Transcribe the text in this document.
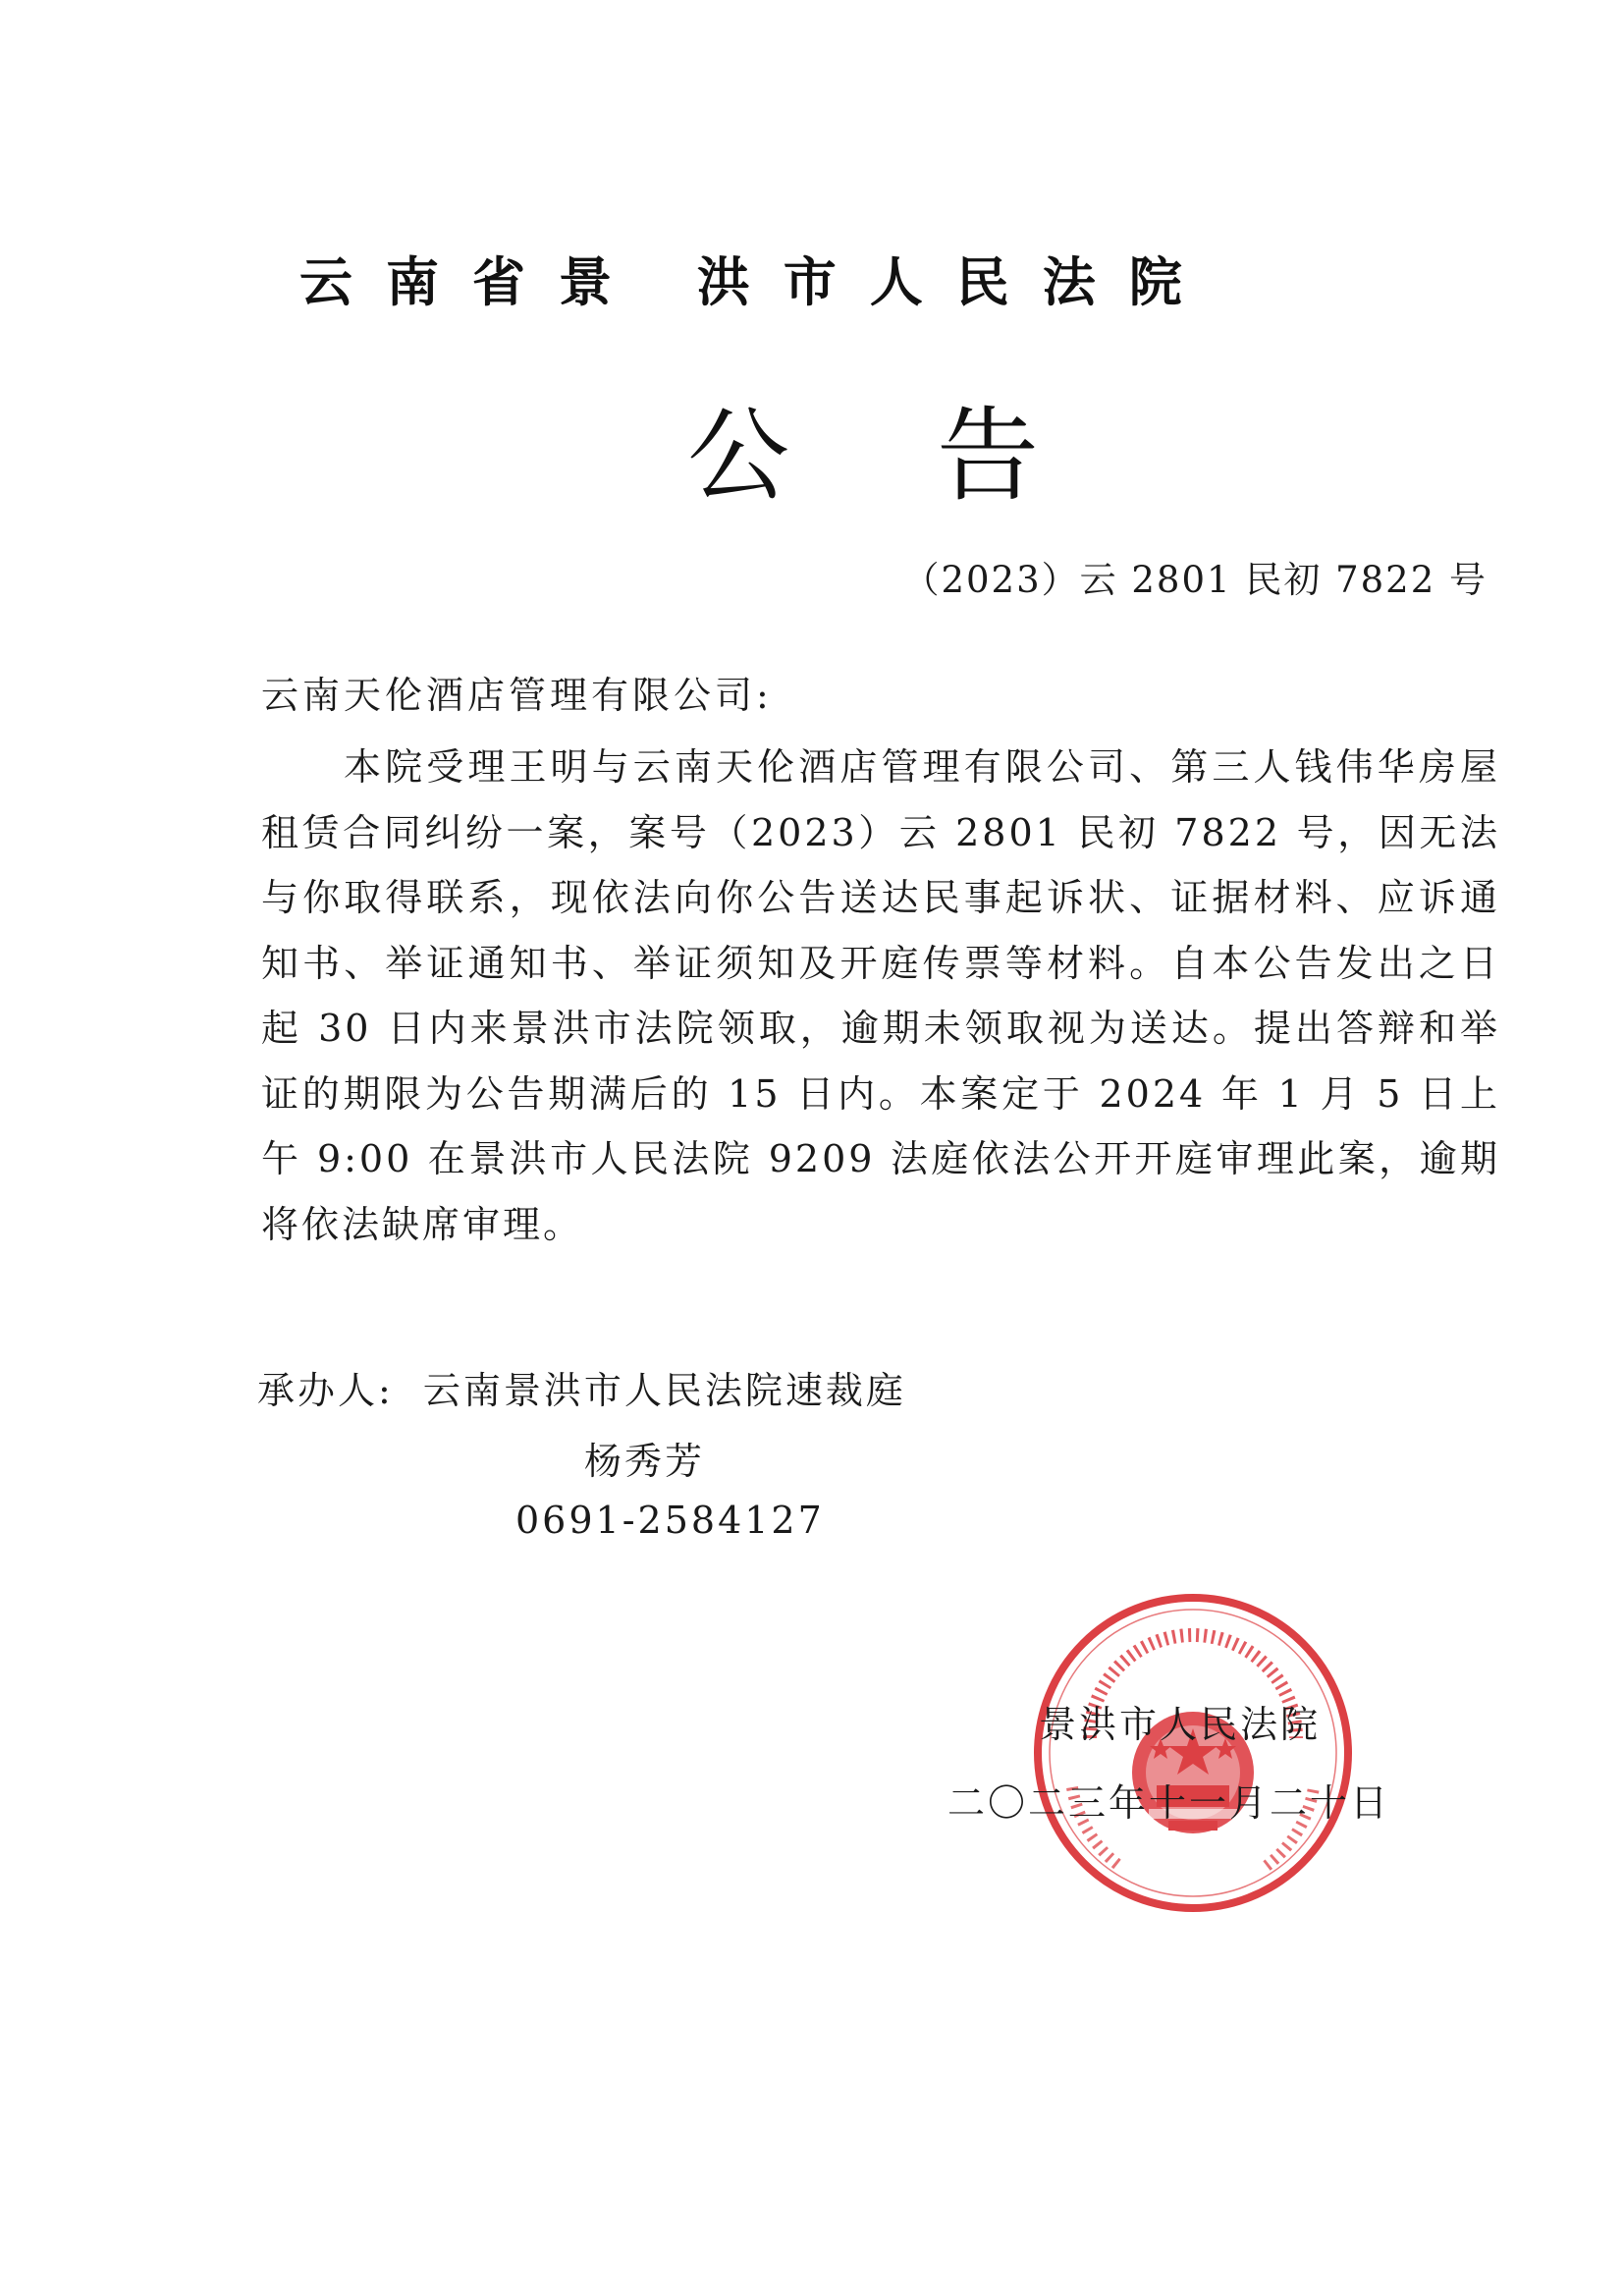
云南省景 洪市人民法院
公告
（2023）云 2801 民初 7822 号
云南天伦酒店管理有限公司:

本院受理王明与云南天伦酒店管理有限公司、第三人钱伟华房屋租赁合同纠纷一案，案号（2023）云 2801 民初 7822 号，因无法与你取得联系，现依法向你公告送达民事起诉状、证据材料、应诉通知书、举证通知书、举证须知及开庭传票等材料。自本公告发出之日起 30 日内来景洪市法院领取，逾期未领取视为送达。提出答辩和举证的期限为公告期满后的 15 日内。本案定于 2024 年 1 月 5 日上午 9:00 在景洪市人民法院 9209 法庭依法公开开庭审理此案，逾期将依法缺席审理。

承办人: 云南景洪市人民法院速裁庭
杨秀芳
0691-2584127
景洪市人民法院
二〇二三年十一月二十日
